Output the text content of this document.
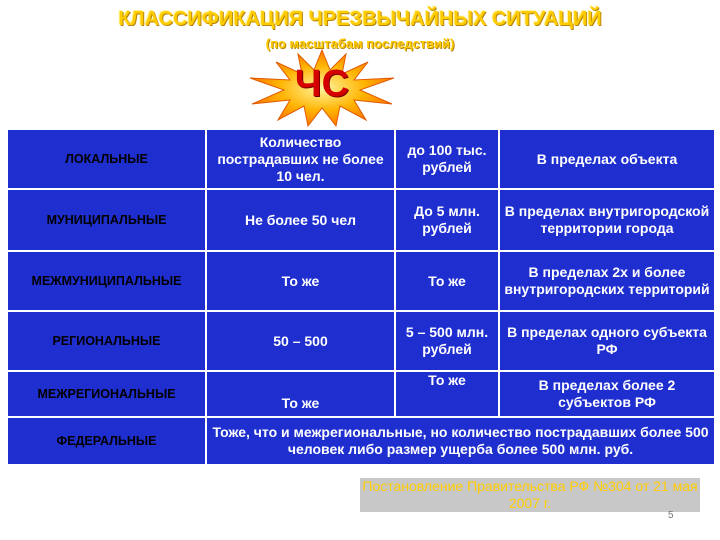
КЛАССИФИКАЦИЯ ЧРЕЗВЫЧАЙНЫХ СИТУАЦИЙ
(по масштабам последствий)
ЧС
ЛОКАЛЬНЫЕ	Количество пострадавших не более 10 чел.	до 100 тыс. рублей	В пределах объекта
МУНИЦИПАЛЬНЫЕ	Не более 50 чел	До 5 млн. рублей	В пределах внутригородской территории города
МЕЖМУНИЦИПАЛЬНЫЕ	То же	То же	В пределах 2х и более внутригородских территорий
РЕГИОНАЛЬНЫЕ	50 – 500	5 – 500 млн. рублей	В пределах одного субъекта РФ
МЕЖРЕГИОНАЛЬНЫЕ	То же	То же	В пределах более 2 субъектов РФ
ФЕДЕРАЛЬНЫЕ	Тоже, что и межрегиональные, но количество пострадавших более 500 человек либо размер ущерба более 500 млн. руб.		
Постановление Правительства РФ №304 от 21 мая 2007 г.
5
